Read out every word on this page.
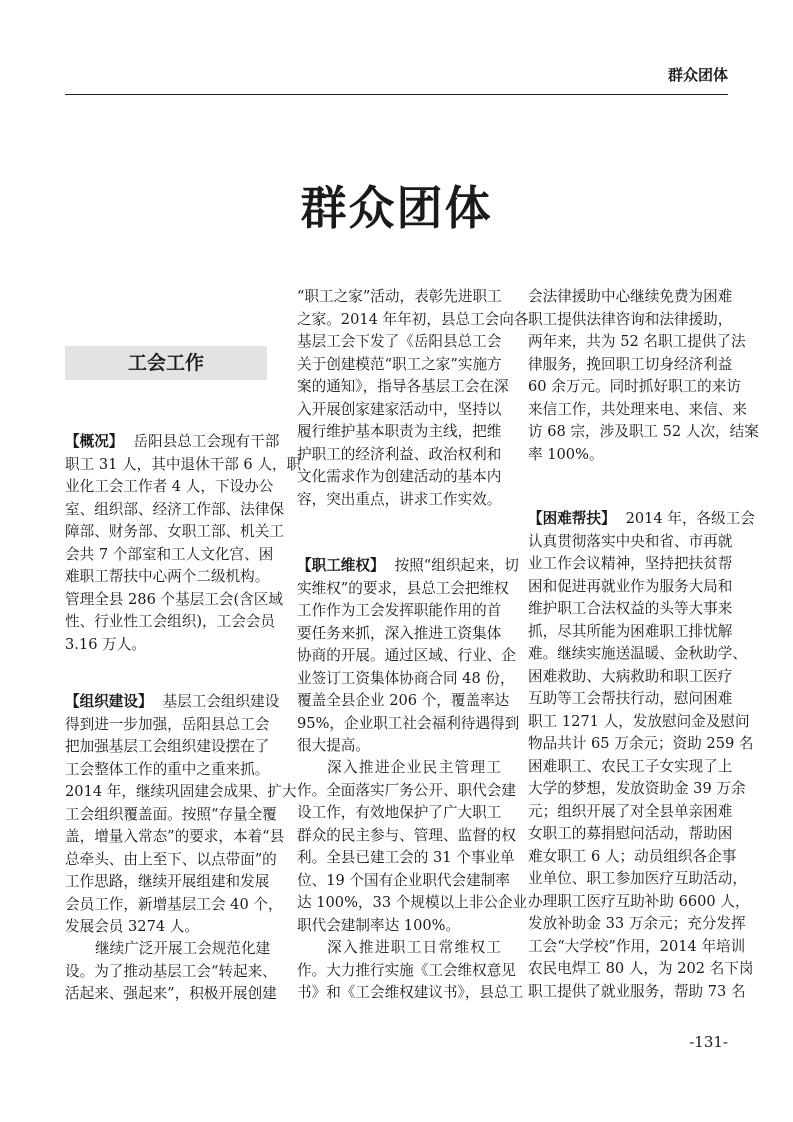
群众团体
群众团体
工会工作
【概况】 岳阳县总工会现有干部
职工 31 人，其中退休干部 6 人，职
业化工会工作者 4 人，下设办公
室、组织部、经济工作部、法律保
障部、财务部、女职工部、机关工
会共 7 个部室和工人文化宫、困
难职工帮扶中心两个二级机构。
管理全县 286 个基层工会(含区域
性、行业性工会组织)，工会会员
3.16 万人。
【组织建设】 基层工会组织建设
得到进一步加强，岳阳县总工会
把加强基层工会组织建设摆在了
工会整体工作的重中之重来抓。
2014 年，继续巩固建会成果、扩大
工会组织覆盖面。按照“存量全覆
盖，增量入常态”的要求，本着“县
总牵头、由上至下、以点带面”的
工作思路，继续开展组建和发展
会员工作，新增基层工会 40 个，
发展会员 3274 人。
继续广泛开展工会规范化建
设。为了推动基层工会“转起来、
活起来、强起来”，积极开展创建
“职工之家”活动，表彰先进职工
之家。2014 年年初，县总工会向各
基层工会下发了《岳阳县总工会
关于创建模范“职工之家”实施方
案的通知》，指导各基层工会在深
入开展创家建家活动中，坚持以
履行维护基本职责为主线，把维
护职工的经济利益、政治权利和
文化需求作为创建活动的基本内
容，突出重点，讲求工作实效。
【职工维权】 按照“组织起来，切
实维权”的要求，县总工会把维权
工作作为工会发挥职能作用的首
要任务来抓，深入推进工资集体
协商的开展。通过区域、行业、企
业签订工资集体协商合同 48 份，
覆盖全县企业 206 个，覆盖率达
95%，企业职工社会福利待遇得到
很大提高。
深入推进企业民主管理工
作。全面落实厂务公开、职代会建
设工作，有效地保护了广大职工
群众的民主参与、管理、监督的权
利。全县已建工会的 31 个事业单
位、19 个国有企业职代会建制率
达 100%，33 个规模以上非公企业
职代会建制率达 100%。
深入推进职工日常维权工
作。大力推行实施《工会维权意见
书》和《工会维权建议书》，县总工
会法律援助中心继续免费为困难
职工提供法律咨询和法律援助，
两年来，共为 52 名职工提供了法
律服务，挽回职工切身经济利益
60 余万元。同时抓好职工的来访
来信工作，共处理来电、来信、来
访 68 宗，涉及职工 52 人次，结案
率 100%。
【困难帮扶】 2014 年，各级工会
认真贯彻落实中央和省、市再就
业工作会议精神，坚持把扶贫帮
困和促进再就业作为服务大局和
维护职工合法权益的头等大事来
抓，尽其所能为困难职工排忧解
难。继续实施送温暖、金秋助学、
困难救助、大病救助和职工医疗
互助等工会帮扶行动，慰问困难
职工 1271 人，发放慰问金及慰问
物品共计 65 万余元；资助 259 名
困难职工、农民工子女实现了上
大学的梦想，发放资助金 39 万余
元；组织开展了对全县单亲困难
女职工的募捐慰问活动，帮助困
难女职工 6 人；动员组织各企事
业单位、职工参加医疗互助活动，
办理职工医疗互助补助 6600 人，
发放补助金 33 万余元；充分发挥
工会“大学校”作用，2014 年培训
农民电焊工 80 人，为 202 名下岗
职工提供了就业服务，帮助 73 名
-131-
